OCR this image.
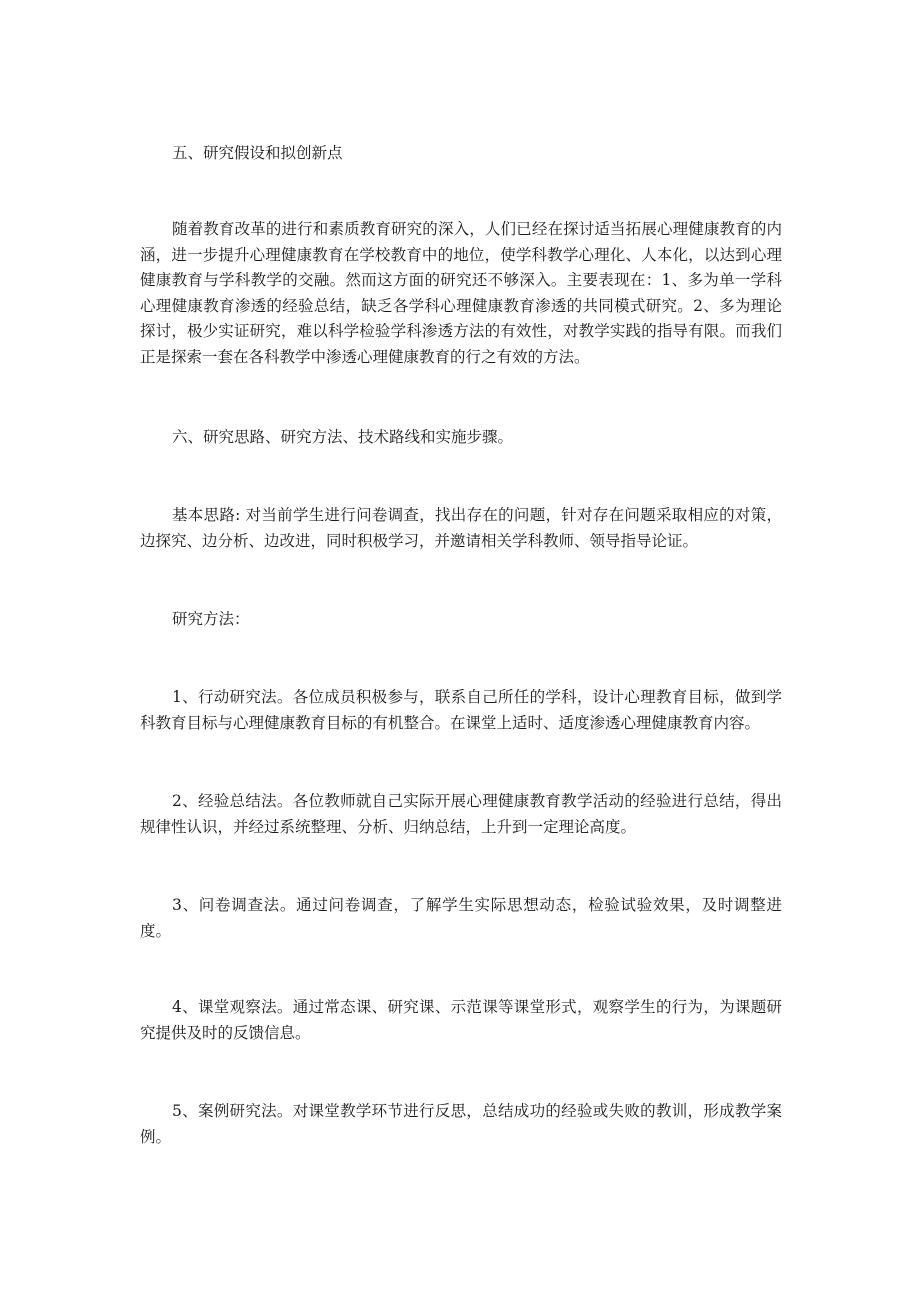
五、研究假设和拟创新点

随着教育改革的进行和素质教育研究的深入，人们已经在探讨适当拓展心理健康教育的内涵，进一步提升心理健康教育在学校教育中的地位，使学科教学心理化、人本化，以达到心理健康教育与学科教学的交融。然而这方面的研究还不够深入。主要表现在：1、多为单一学科心理健康教育渗透的经验总结，缺乏各学科心理健康教育渗透的共同模式研究。2、多为理论探讨，极少实证研究，难以科学检验学科渗透方法的有效性，对教学实践的指导有限。而我们正是探索一套在各科教学中渗透心理健康教育的行之有效的方法。

六、研究思路、研究方法、技术路线和实施步骤。

基本思路: 对当前学生进行问卷调查，找出存在的问题，针对存在问题采取相应的对策，边探究、边分析、边改进，同时积极学习，并邀请相关学科教师、领导指导论证。

研究方法：

1、行动研究法。各位成员积极参与，联系自己所任的学科，设计心理教育目标，做到学科教育目标与心理健康教育目标的有机整合。在课堂上适时、适度渗透心理健康教育内容。

2、经验总结法。各位教师就自己实际开展心理健康教育教学活动的经验进行总结，得出规律性认识，并经过系统整理、分析、归纳总结，上升到一定理论高度。

3、问卷调查法。通过问卷调查，了解学生实际思想动态，检验试验效果，及时调整进度。

4、课堂观察法。通过常态课、研究课、示范课等课堂形式，观察学生的行为，为课题研究提供及时的反馈信息。

5、案例研究法。对课堂教学环节进行反思，总结成功的经验或失败的教训，形成教学案例。
